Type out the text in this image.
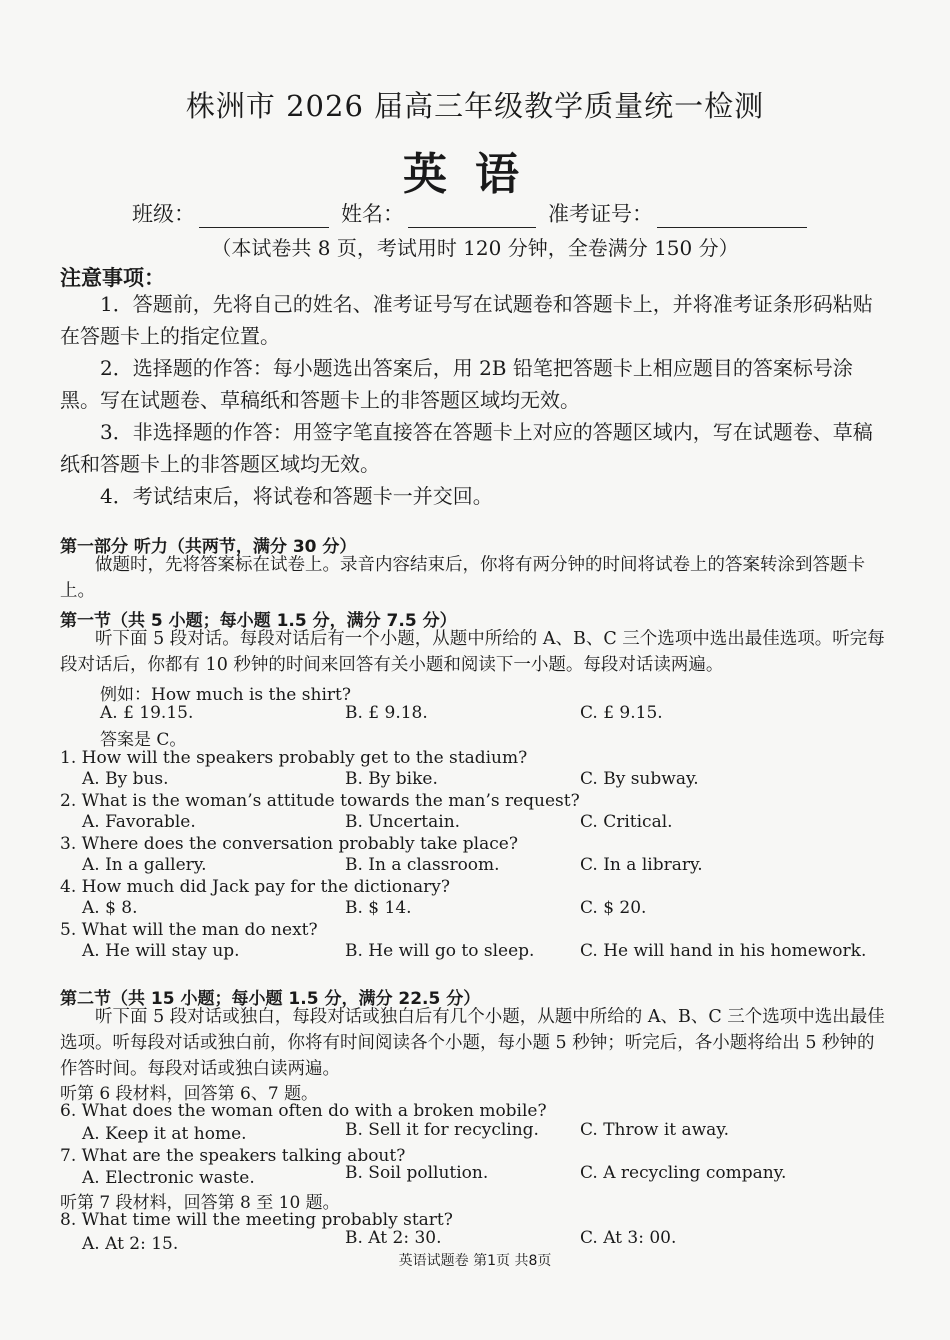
株洲市 2026 届高三年级教学质量统一检测
英语
班级：	姓名：	准考证号：
（本试卷共 8 页，考试用时 120 分钟，全卷满分 150 分）
注意事项：

1．答题前，先将自己的姓名、准考证号写在试题卷和答题卡上，并将准考证条形码粘贴在答题卡上的指定位置。

2．选择题的作答：每小题选出答案后，用 2B 铅笔把答题卡上相应题目的答案标号涂黑。写在试题卷、草稿纸和答题卡上的非答题区域均无效。

3．非选择题的作答：用签字笔直接答在答题卡上对应的答题区域内，写在试题卷、草稿纸和答题卡上的非答题区域均无效。

4．考试结束后，将试卷和答题卡一并交回。

第一部分 听力（共两节，满分 30 分）

做题时，先将答案标在试卷上。录音内容结束后，你将有两分钟的时间将试卷上的答案转涂到答题卡上。

第一节（共 5 小题；每小题 1.5 分，满分 7.5 分）

听下面 5 段对话。每段对话后有一个小题，从题中所给的 A、B、C 三个选项中选出最佳选项。听完每段对话后，你都有 10 秒钟的时间来回答有关小题和阅读下一小题。每段对话读两遍。

例如：How much is the shirt?
A. £ 19.15.	B. £ 9.18.	C. £ 9.15.
答案是 C。
1. How will the speakers probably get to the stadium?
A. By bus.	B. By bike.	C. By subway.
2. What is the woman’s attitude towards the man’s request?
A. Favorable.	B. Uncertain.	C. Critical.
3. Where does the conversation probably take place?
A. In a gallery.	B. In a classroom.	C. In a library.
4. How much did Jack pay for the dictionary?
A. $ 8.	B. $ 14.	C. $ 20.
5. What will the man do next?
A. He will stay up.	B. He will go to sleep.	C. He will hand in his homework.
第二节（共 15 小题；每小题 1.5 分，满分 22.5 分）

听下面 5 段对话或独白，每段对话或独白后有几个小题，从题中所给的 A、B、C 三个选项中选出最佳选项。听每段对话或独白前，你将有时间阅读各个小题，每小题 5 秒钟；听完后，各小题将给出 5 秒钟的作答时间。每段对话或独白读两遍。

听第 6 段材料，回答第 6、7 题。
6. What does the woman often do with a broken mobile?
A. Keep it at home.	B. Sell it for recycling. C. Throw it away.
7. What are the speakers talking about?
A. Electronic waste.	B. Soil pollution.	C. A recycling company.
听第 7 段材料，回答第 8 至 10 题。
8. What time will the meeting probably start?
A. At 2: 15.	B. At 2: 30.	C. At 3: 00.
英语试题卷 第1页 共8页
